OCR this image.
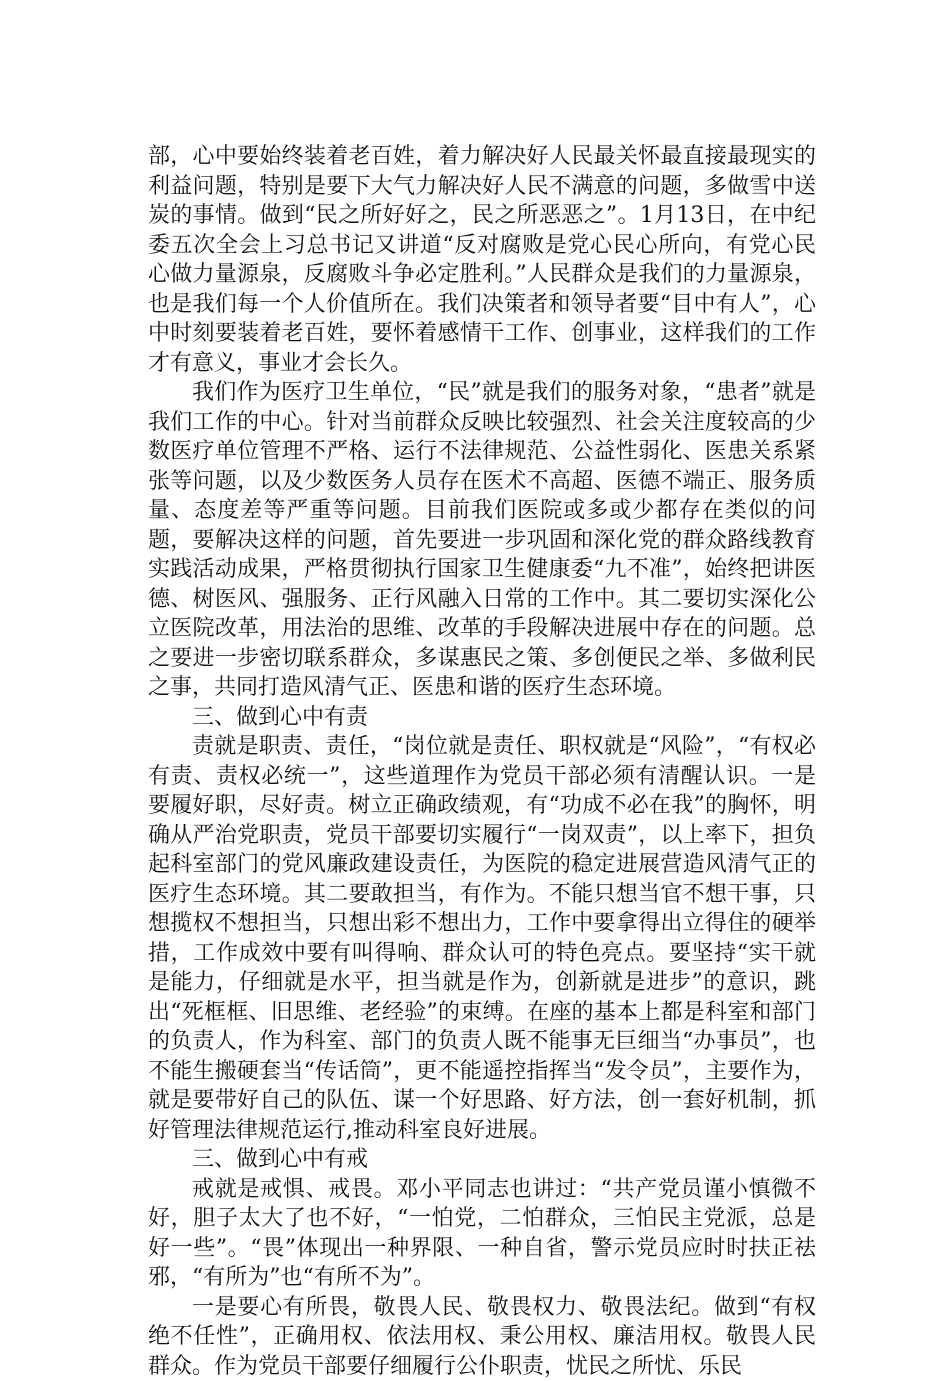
部，心中要始终装着老百姓，着力解决好人民最关怀最直接最现实的利益问题，特别是要下大气力解决好人民不满意的问题，多做雪中送炭的事情。做到“民之所好好之，民之所恶恶之”。1月13日，在中纪委五次全会上习总书记又讲道“反对腐败是党心民心所向，有党心民心做力量源泉，反腐败斗争必定胜利。”人民群众是我们的力量源泉，也是我们每一个人价值所在。我们决策者和领导者要“目中有人”，心中时刻要装着老百姓，要怀着感情干工作、创事业，这样我们的工作才有意义，事业才会长久。

我们作为医疗卫生单位，“民”就是我们的服务对象，“患者”就是我们工作的中心。针对当前群众反映比较强烈、社会关注度较高的少数医疗单位管理不严格、运行不法律规范、公益性弱化、医患关系紧张等问题，以及少数医务人员存在医术不高超、医德不端正、服务质量、态度差等严重等问题。目前我们医院或多或少都存在类似的问题，要解决这样的问题，首先要进一步巩固和深化党的群众路线教育实践活动成果，严格贯彻执行国家卫生健康委“九不准”，始终把讲医德、树医风、强服务、正行风融入日常的工作中。其二要切实深化公立医院改革，用法治的思维、改革的手段解决进展中存在的问题。总之要进一步密切联系群众，多谋惠民之策、多创便民之举、多做利民之事，共同打造风清气正、医患和谐的医疗生态环境。

三、做到心中有责

责就是职责、责任，“岗位就是责任、职权就是“风险”，“有权必有责、责权必统一”，这些道理作为党员干部必须有清醒认识。一是要履好职，尽好责。树立正确政绩观，有“功成不必在我”的胸怀，明确从严治党职责，党员干部要切实履行“一岗双责”，以上率下，担负起科室部门的党风廉政建设责任，为医院的稳定进展营造风清气正的医疗生态环境。其二要敢担当，有作为。不能只想当官不想干事，只想揽权不想担当，只想出彩不想出力，工作中要拿得出立得住的硬举措，工作成效中要有叫得响、群众认可的特色亮点。要坚持“实干就是能力，仔细就是水平，担当就是作为，创新就是进步”的意识，跳出“死框框、旧思维、老经验”的束缚。在座的基本上都是科室和部门的负责人，作为科室、部门的负责人既不能事无巨细当“办事员”，也不能生搬硬套当“传话筒”，更不能遥控指挥当“发令员”，主要作为，就是要带好自己的队伍、谋一个好思路、好方法，创一套好机制，抓好管理法律规范运行,推动科室良好进展。

三、做到心中有戒

戒就是戒惧、戒畏。邓小平同志也讲过：“共产党员谨小慎微不好，胆子太大了也不好，“一怕党，二怕群众，三怕民主党派，总是好一些”。“畏”体现出一种界限、一种自省，警示党员应时时扶正祛邪，“有所为”也“有所不为”。

一是要心有所畏，敬畏人民、敬畏权力、敬畏法纪。做到“有权绝不任性”，正确用权、依法用权、秉公用权、廉洁用权。敬畏人民群众。作为党员干部要仔细履行公仆职责，忧民之所忧、乐民
